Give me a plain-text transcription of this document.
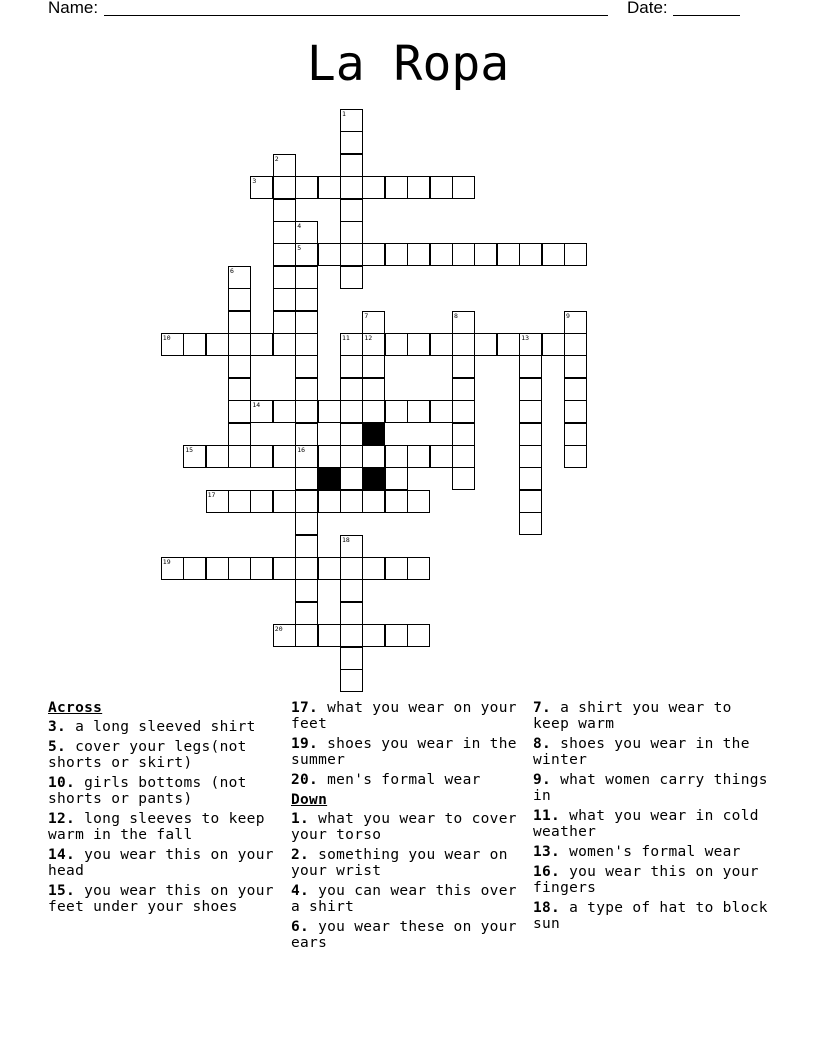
Name:	Date:
La Ropa
1
2
3
4
5
16
6
7
12
8	9
10	11	13
14
15
17
18
19
20
Across
3. a long sleeved shirt
5. cover your legs(not shorts or skirt)
10. girls bottoms (not shorts or pants)
12. long sleeves to keep warm in the fall
14. you wear this on your head
15. you wear this on your feet under your shoes
17. what you wear on your feet
19. shoes you wear in the summer
20. men's formal wear
Down
1. what you wear to cover your torso
2. something you wear on your wrist
4. you can wear this over a shirt
6. you wear these on your ears
7. a shirt you wear to keep warm
8. shoes you wear in the winter
9. what women carry things in
11. what you wear in cold weather
13. women's formal wear
16. you wear this on your fingers
18. a type of hat to block sun
